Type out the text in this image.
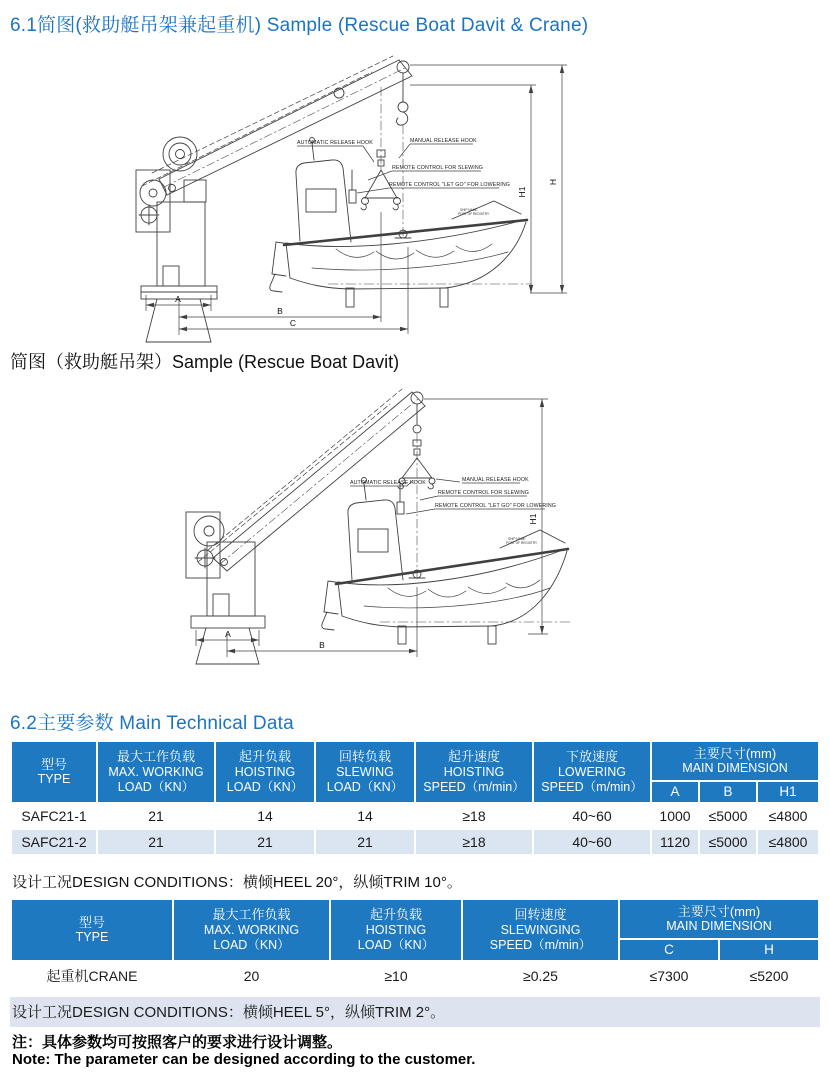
6.1简图(救助艇吊架兼起重机) Sample (Rescue Boat Davit & Crane)
AUTOMATIC RELEASE HOOK	MANUAL RELEASE HOOK
REMOTE CONTROL FOR SLEWING
REMOTE CONTROL "LET GO" FOR LOWERING
SHIP NAME
PORT OF REGISTRY
A
B
C
H1
H
简图（救助艇吊架）Sample (Rescue Boat Davit)
AUTOMATIC RELEASE HOOK	MANUAL RELEASE HOOK
REMOTE CONTROL FOR SLEWING
REMOTE CONTROL "LET GO" FOR LOWERING
SHIP NAME
PORT OF REGISTRY
A
B
H1
6.2主要参数 Main Technical Data
型号
TYPE	最大工作负载
MAX. WORKING
LOAD（KN）	起升负载
HOISTING
LOAD（KN）	回转负载
SLEWING
LOAD（KN）	起升速度
HOISTING
SPEED（m/min）	下放速度
LOWERING
SPEED（m/min）	主要尺寸(mm)
MAIN DIMENSION		

						A	B	H1
SAFC21-1	21	14	14	≥18	40~60	1000	≤5000	≤4800
SAFC21-2	21	21	21	≥18	40~60	1120	≤5000	≤4800
设计工况DESIGN CONDITIONS：横倾HEEL 20°，纵倾TRIM 10°。
型号
TYPE	最大工作负载
MAX. WORKING
LOAD（KN）	起升负载
HOISTING
LOAD（KN）	回转速度
SLEWINGING
SPEED（m/min）	主要尺寸(mm)
MAIN DIMENSION	

				C	H
起重机CRANE	20	≥10	≥0.25	≤7300	≤5200
设计工况DESIGN CONDITIONS：横倾HEEL 5°，纵倾TRIM 2°。
注：具体参数均可按照客户的要求进行设计调整。
Note: The parameter can be designed according to the customer.
